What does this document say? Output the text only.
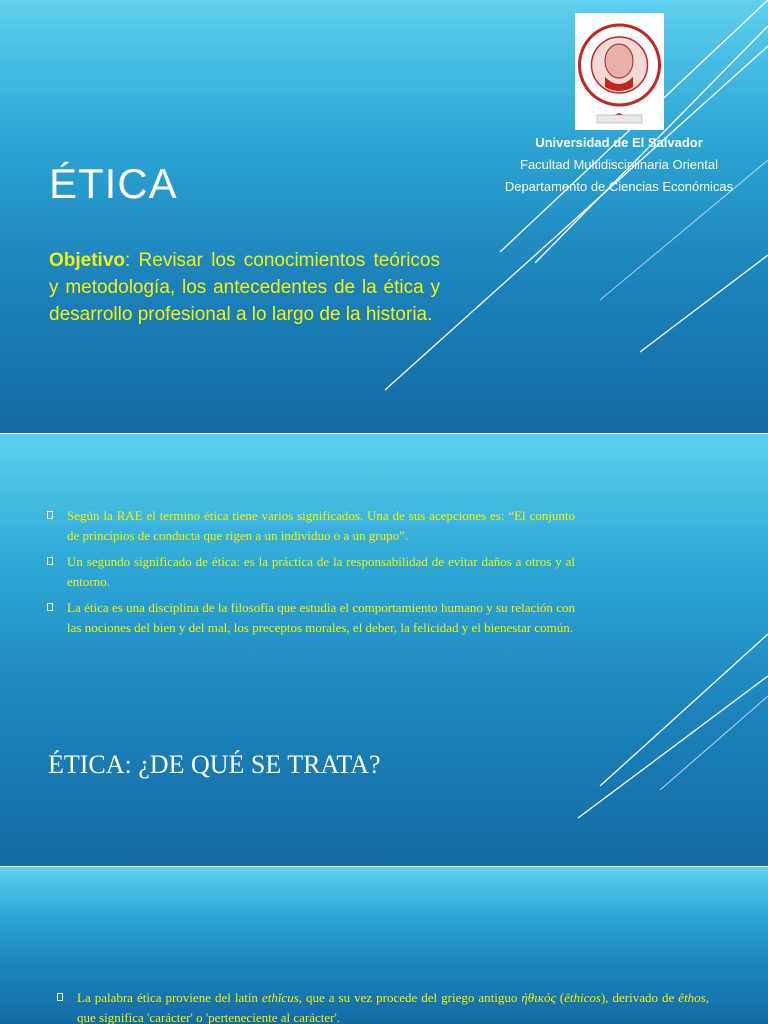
Universidad de El Salvador
Facultad Multidisciplinaria Oriental
Departamento de Ciencias Económicas
ÉTICA

Objetivo: Revisar los conocimientos teóricos y metodología, los antecedentes de la ética y desarrollo profesional a lo largo de la historia.

Según la RAE el termino ética tiene varios significados. Una de sus acepciones es: “El conjunto de principios de conducta que rigen a un individuo o a un grupo”.
Un segundo significado de ética: es la práctica de la responsabilidad de evitar daños a otros y al entorno.
La ética es una disciplina de la filosofía que estudia el comportamiento humano y su relación con las nociones del bien y del mal, los preceptos morales, el deber, la felicidad y el bienestar común.
ÉTICA: ¿DE QUÉ SE TRATA?
La palabra ética proviene del latín ethĭcus, que a su vez procede del griego antiguo ἠθικός (êthicos), derivado de êthos, que significa 'carácter' o 'perteneciente al carácter'.
